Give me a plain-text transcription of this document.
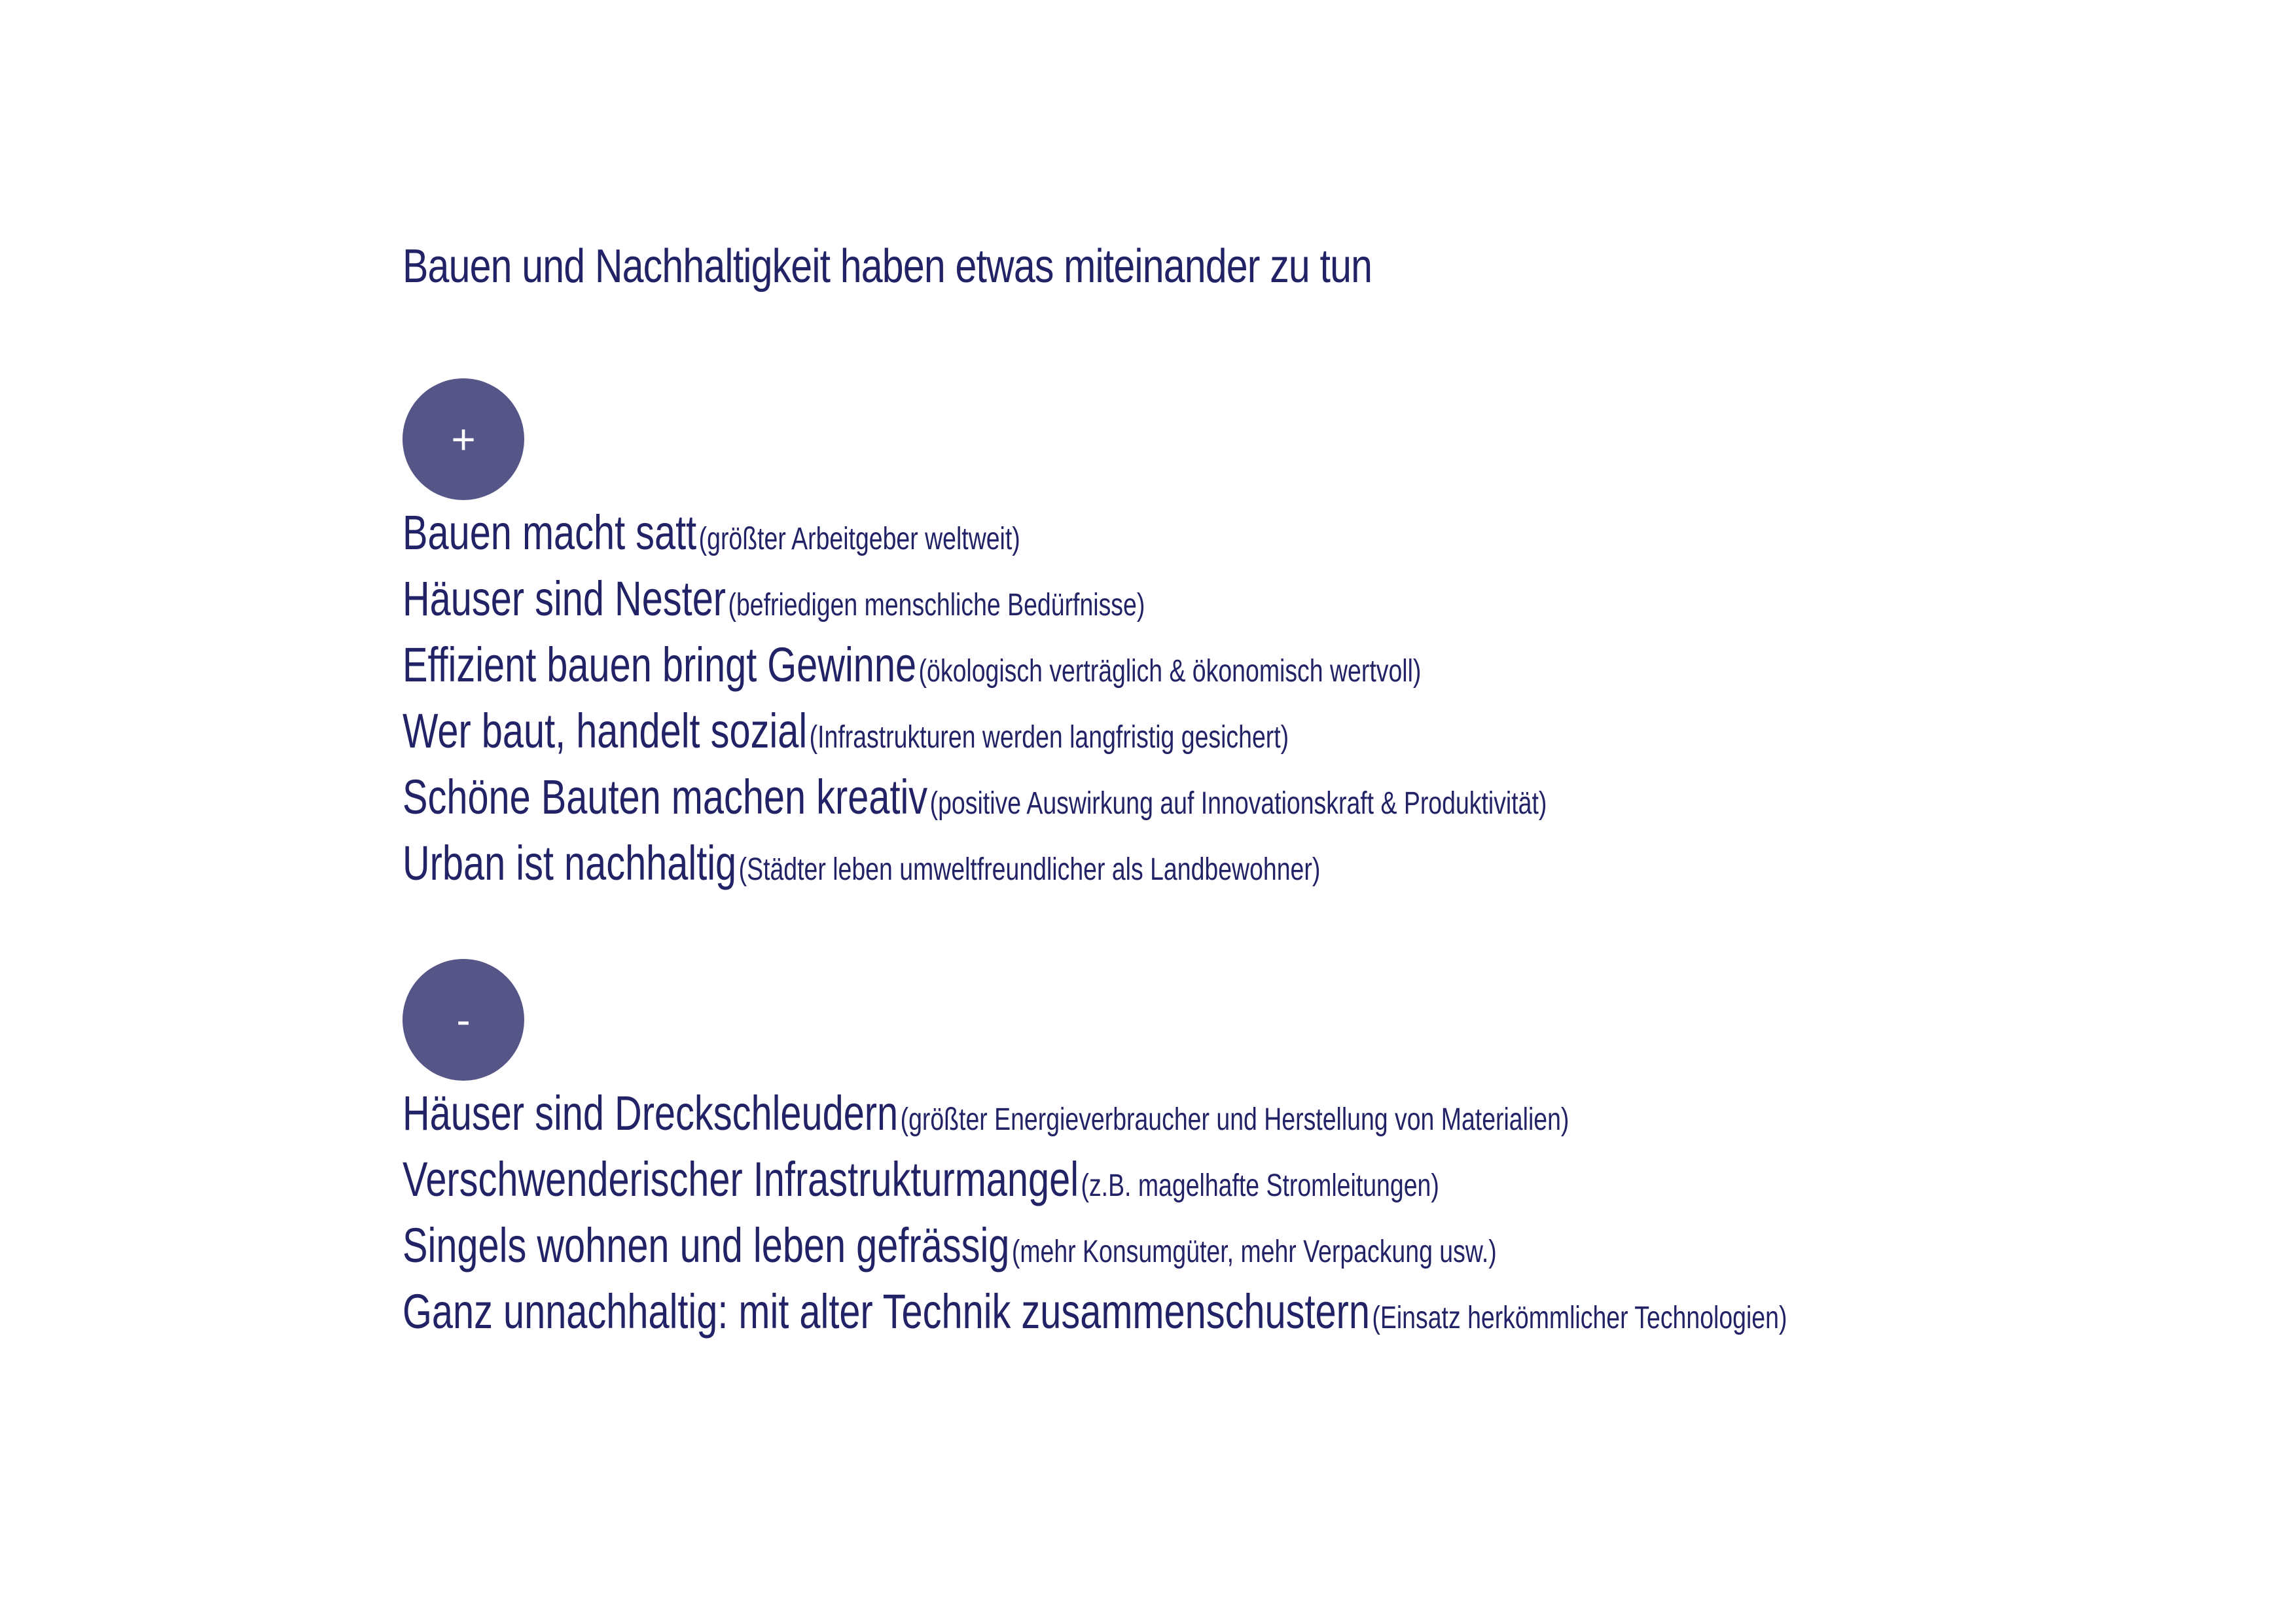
Bauen und Nachhaltigkeit haben etwas miteinander zu tun
+
Bauen macht satt (größter Arbeitgeber weltweit)
Häuser sind Nester (befriedigen menschliche Bedürfnisse)
Effizient bauen bringt Gewinne (ökologisch verträglich & ökonomisch wertvoll)
Wer baut, handelt sozial (Infrastrukturen werden langfristig gesichert)
Schöne Bauten machen kreativ (positive Auswirkung auf Innovationskraft & Produktivität)
Urban ist nachhaltig (Städter leben umweltfreundlicher als Landbewohner)
-
Häuser sind Dreckschleudern (größter Energieverbraucher und Herstellung von Materialien)
Verschwenderischer Infrastrukturmangel (z.B. magelhafte Stromleitungen)
Singels wohnen und leben gefrässig (mehr Konsumgüter, mehr Verpackung usw.)
Ganz unnachhaltig: mit alter Technik zusammenschustern (Einsatz herkömmlicher Technologien)
